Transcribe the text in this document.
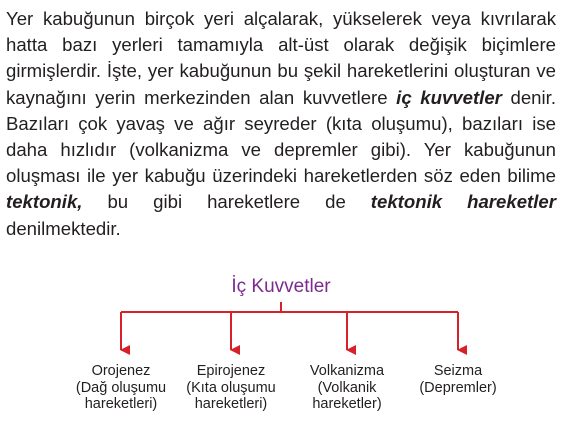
Yer kabuğunun birçok yeri alçalarak, yükselerek veya kıvrılarak hatta bazı yerleri tamamıyla alt-üst olarak değişik biçimlere girmişlerdir. İşte, yer kabuğunun bu şekil hareketlerini oluşturan ve kaynağını yerin merkezinden alan kuvvetlere iç kuvvetler denir. Bazıları çok yavaş ve ağır seyreder (kıta oluşumu), bazıları ise daha hızlıdır (volkanizma ve depremler gibi). Yer kabuğunun oluşması ile yer kabuğu üzerindeki hareketlerden söz eden bilime tektonik, bu gibi hareketlere de tektonik hareketler denilmektedir.

İç Kuvvetler
Orojenez
(Dağ oluşumu
hareketleri)
Epirojenez
(Kıta oluşumu
hareketleri)
Volkanizma
(Volkanik
hareketler)
Seizma
(Depremler)
